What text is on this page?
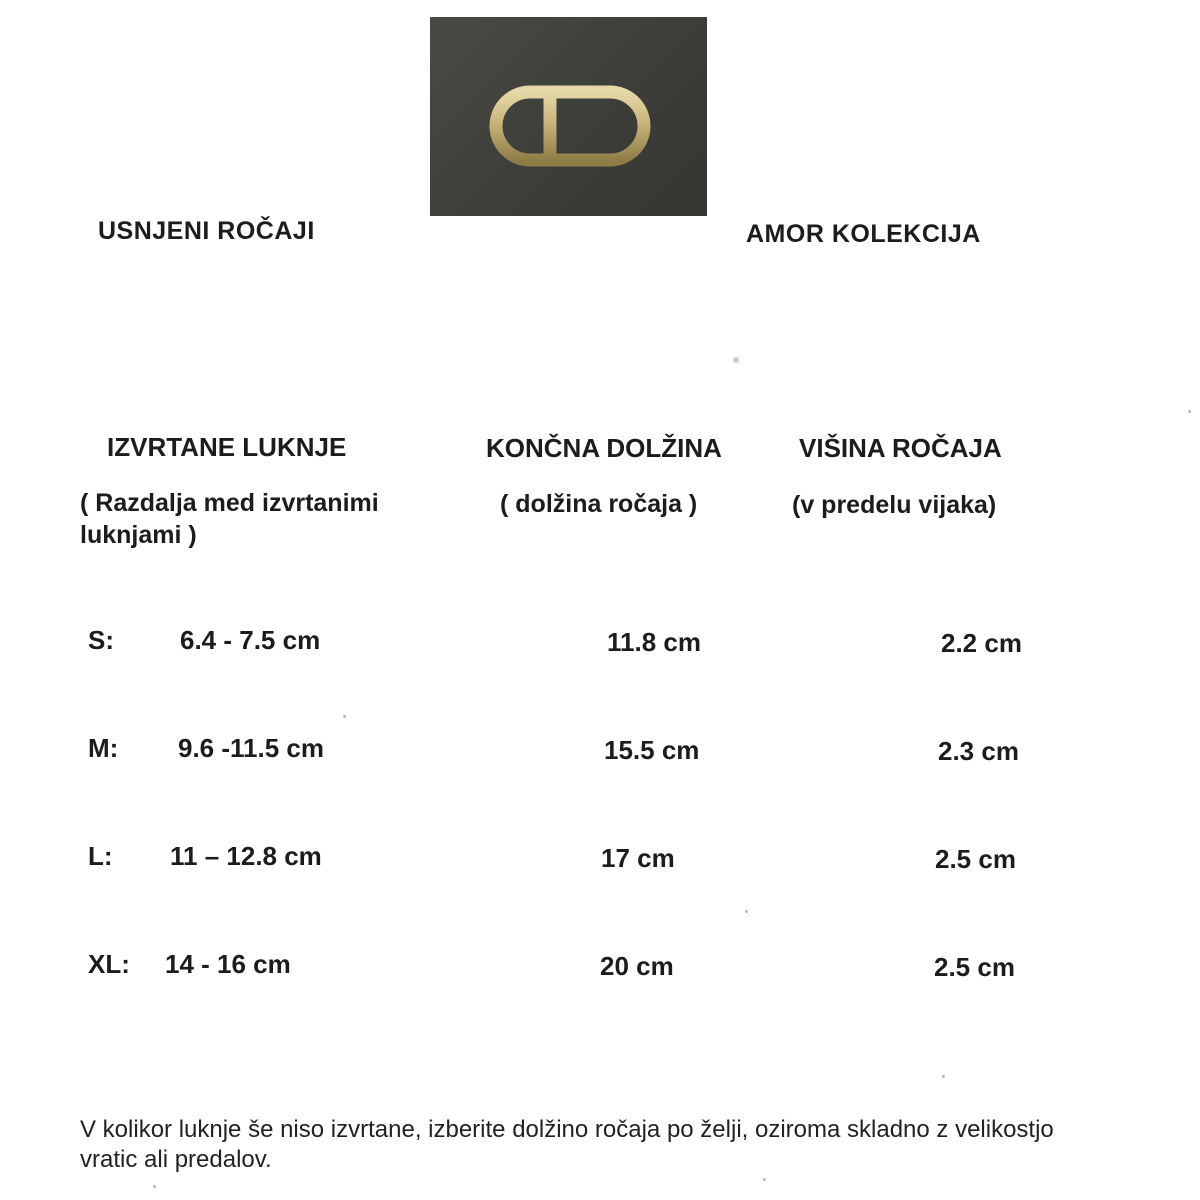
USNJENI ROČAJI	AMOR KOLEKCIJA
IZVRTANE LUKNJE	KONČNA DOLŽINA	VIŠINA ROČAJA
( Razdalja med izvrtanimi luknjami )
( dolžina ročaja )	(v predelu vijaka)
S:	6.4 - 7.5 cm	11.8 cm	2.2 cm
M: 9.6 -11.5 cm	15.5 cm	2.3 cm
L: 11 – 12.8 cm	17 cm	2.5 cm
XL: 14 - 16 cm	20 cm	2.5 cm
V kolikor luknje še niso izvrtane, izberite dolžino ročaja po želji, oziroma skladno z velikostjo vratic ali predalov.
